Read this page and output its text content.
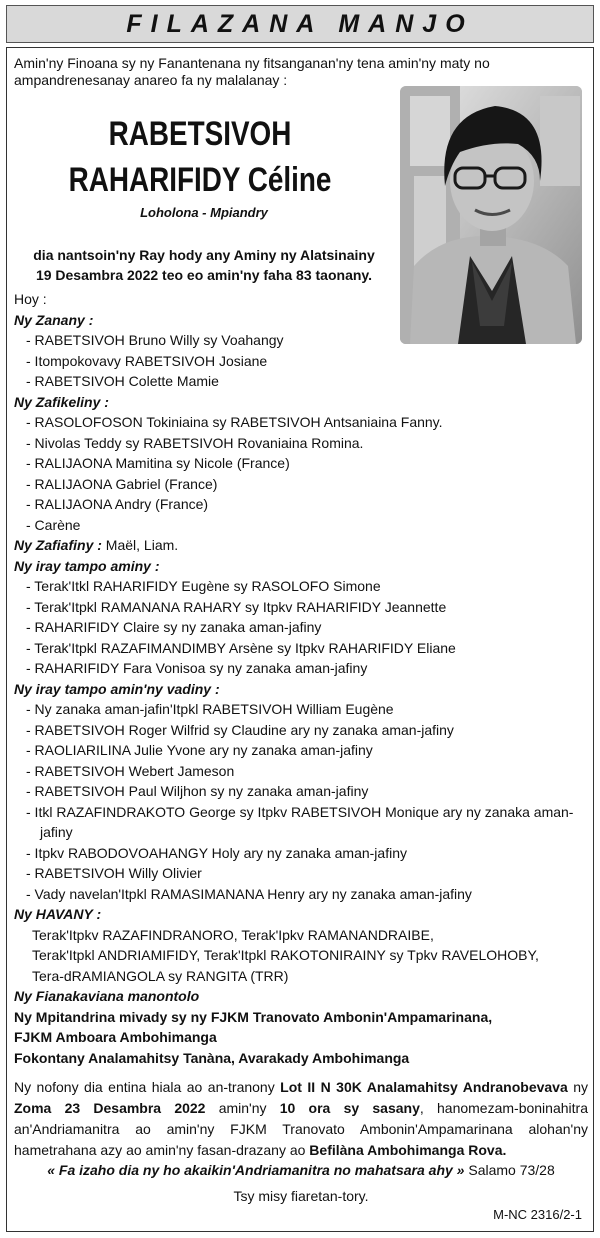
FILAZANA MANJO
Amin'ny Finoana sy ny Fanantenana ny fitsanganan'ny tena amin'ny maty no ampandrenesanay anareo fa ny malalanay :
RABETSIVOH
RAHARIFIDY Céline
Loholona - Mpiandry
dia nantsoin'ny Ray hody any Aminy ny Alatsinainy
19 Desambra 2022 teo eo amin'ny faha 83 taonany.
Hoy :
Ny Zanany :
- RABETSIVOH Bruno Willy sy Voahangy
- Itompokovavy RABETSIVOH Josiane
- RABETSIVOH Colette Mamie
Ny Zafikeliny :
- RASOLOFOSON Tokiniaina sy RABETSIVOH Antsaniaina Fanny.
- Nivolas Teddy sy RABETSIVOH Rovaniaina Romina.
- RALIJAONA Mamitina sy Nicole (France)
- RALIJAONA Gabriel (France)
- RALIJAONA Andry (France)
- Carène
Ny Zafiafiny : Maël, Liam.
Ny iray tampo aminy :
- Terak'Itkl RAHARIFIDY Eugène sy RASOLOFO Simone
- Terak'Itpkl RAMANANA RAHARY sy Itpkv RAHARIFIDY Jeannette
- RAHARIFIDY Claire sy ny zanaka aman-jafiny
- Terak'Itpkl RAZAFIMANDIMBY Arsène sy Itpkv RAHARIFIDY Eliane
- RAHARIFIDY Fara Vonisoa sy ny zanaka aman-jafiny
Ny iray tampo amin'ny vadiny :
- Ny zanaka aman-jafin'Itpkl RABETSIVOH William Eugène
- RABETSIVOH Roger Wilfrid sy Claudine ary ny zanaka aman-jafiny
- RAOLIARILINA Julie Yvone ary ny zanaka aman-jafiny
- RABETSIVOH Webert Jameson
- RABETSIVOH Paul Wiljhon sy ny zanaka aman-jafiny
- Itkl RAZAFINDRAKOTO George sy Itpkv RABETSIVOH Monique ary ny zanaka aman-jafiny
- Itpkv RABODOVOAHANGY Holy ary ny zanaka aman-jafiny
- RABETSIVOH Willy Olivier
- Vady navelan'Itpkl RAMASIMANANA Henry ary ny zanaka aman-jafiny
Ny HAVANY :
Terak'Itpkv RAZAFINDRANORO, Terak'Ipkv RAMANANDRAIBE,
Terak'Itpkl ANDRIAMIFIDY, Terak'Itpkl RAKOTONIRAINY sy Tpkv RAVELOHOBY,
Tera-dRAMIANGOLA sy RANGITA (TRR)
Ny Fianakaviana manontolo
Ny Mpitandrina mivady sy ny FJKM Tranovato Ambonin'Ampamarinana,
FJKM Amboara Ambohimanga
Fokontany Analamahitsy Tanàna, Avarakady Ambohimanga
Ny nofony dia entina hiala ao an-tranony Lot II N 30K Analamahitsy Andranobevava ny Zoma 23 Desambra 2022 amin'ny 10 ora sy sasany, hanomezam-boninahitra an'Andriamanitra ao amin'ny FJKM Tranovato Ambonin'Ampamarinana alohan'ny hametrahana azy ao amin'ny fasan-drazany ao Befilàna Ambohimanga Rova.
« Fa izaho dia ny ho akaikin'Andriamanitra no mahatsara ahy » Salamo 73/28
Tsy misy fiaretan-tory.
M-NC 2316/2-1
